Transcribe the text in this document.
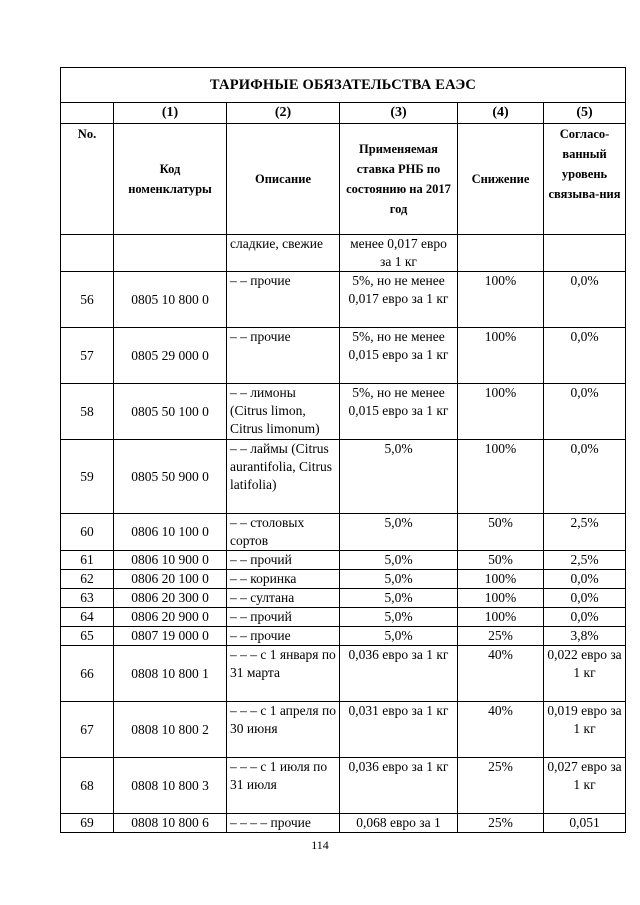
ТАРИФНЫЕ ОБЯЗАТЕЛЬСТВА ЕАЭС					
	(1)	(2)	(3)	(4)	(5)
No.	Код номенклатуры	Описание	Применяемая ставка РНБ по состоянию на 2017 год	Снижение	Согласо-ванный уровень связыва-ния
		сладкие, свежие	менее 0,017 евро за 1 кг		
56	0805 10 800 0	– – прочие	5%, но не менее 0,017 евро за 1 кг	100%	0,0%
57	0805 29 000 0	– – прочие	5%, но не менее 0,015 евро за 1 кг	100%	0,0%
58	0805 50 100 0	– – лимоны (Citrus limon, Citrus limonum)	5%, но не менее 0,015 евро за 1 кг	100%	0,0%
59	0805 50 900 0	– – лаймы (Citrus aurantifolia, Citrus latifolia)	5,0%	100%	0,0%
60	0806 10 100 0	– – столовых сортов	5,0%	50%	2,5%
61	0806 10 900 0	– – прочий	5,0%	50%	2,5%
62	0806 20 100 0	– – коринка	5,0%	100%	0,0%
63	0806 20 300 0	– – султана	5,0%	100%	0,0%
64	0806 20 900 0	– – прочий	5,0%	100%	0,0%
65	0807 19 000 0	– – прочие	5,0%	25%	3,8%
66	0808 10 800 1	– – – с 1 января по 31 марта	0,036 евро за 1 кг	40%	0,022 евро за 1 кг
67	0808 10 800 2	– – – с 1 апреля по 30 июня	0,031 евро за 1 кг	40%	0,019 евро за 1 кг
68	0808 10 800 3	– – – с 1 июля по 31 июля	0,036 евро за 1 кг	25%	0,027 евро за 1 кг
69	0808 10 800 6	– – – – прочие	0,068 евро за 1	25%	0,051
114
